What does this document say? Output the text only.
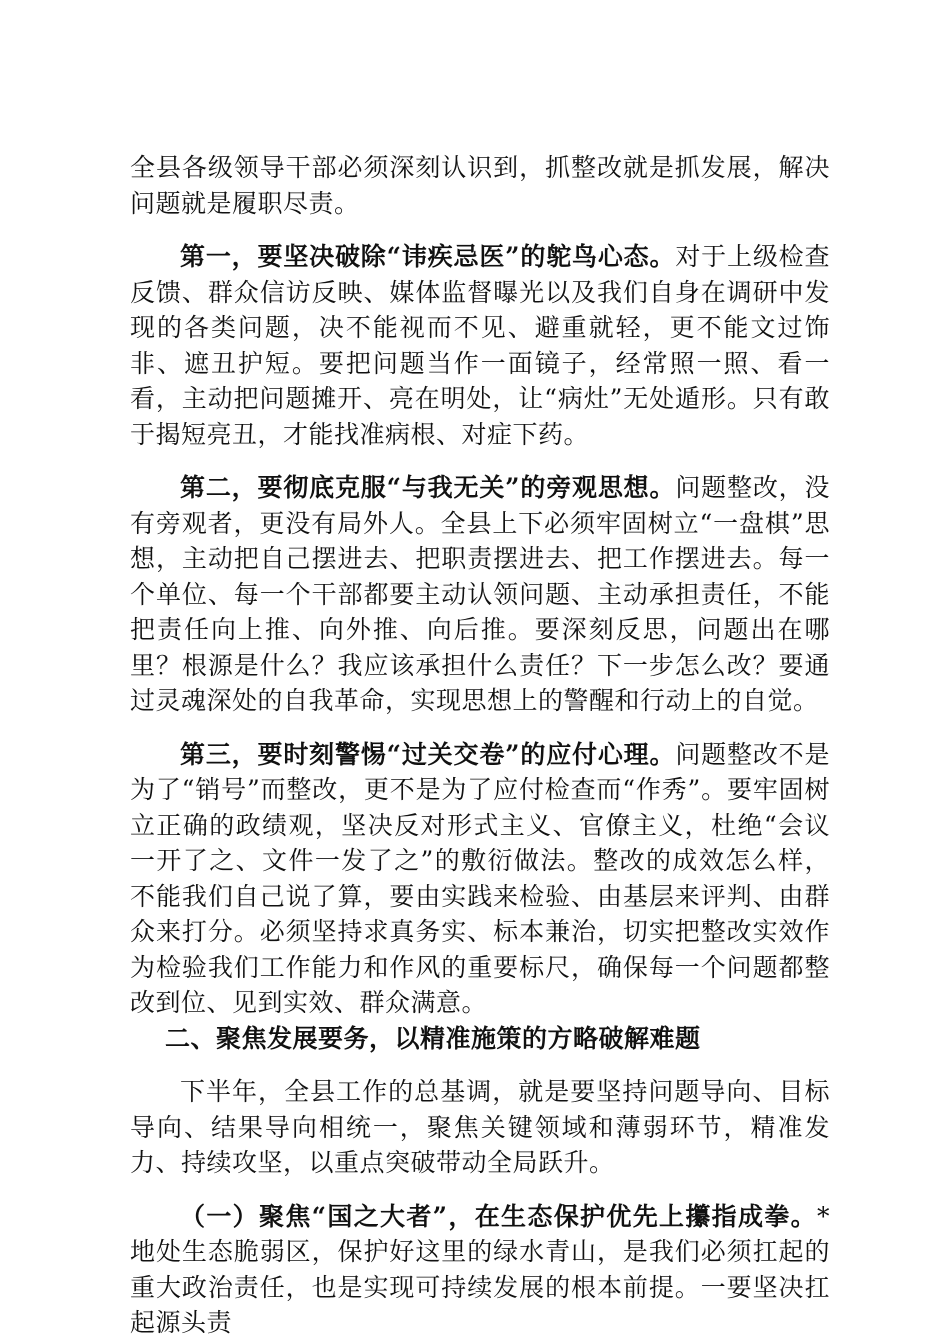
全县各级领导干部必须深刻认识到，抓整改就是抓发展，解决问题就是履职尽责。

第一，要坚决破除“讳疾忌医”的鸵鸟心态。对于上级检查反馈、群众信访反映、媒体监督曝光以及我们自身在调研中发现的各类问题，决不能视而不见、避重就轻，更不能文过饰非、遮丑护短。要把问题当作一面镜子，经常照一照、看一看，主动把问题摊开、亮在明处，让“病灶”无处遁形。只有敢于揭短亮丑，才能找准病根、对症下药。

第二，要彻底克服“与我无关”的旁观思想。问题整改，没有旁观者，更没有局外人。全县上下必须牢固树立“一盘棋”思想，主动把自己摆进去、把职责摆进去、把工作摆进去。每一个单位、每一个干部都要主动认领问题、主动承担责任，不能把责任向上推、向外推、向后推。要深刻反思，问题出在哪里？根源是什么？我应该承担什么责任？下一步怎么改？要通过灵魂深处的自我革命，实现思想上的警醒和行动上的自觉。

第三，要时刻警惕“过关交卷”的应付心理。问题整改不是为了“销号”而整改，更不是为了应付检查而“作秀”。要牢固树立正确的政绩观，坚决反对形式主义、官僚主义，杜绝“会议一开了之、文件一发了之”的敷衍做法。整改的成效怎么样，不能我们自己说了算，要由实践来检验、由基层来评判、由群众来打分。必须坚持求真务实、标本兼治，切实把整改实效作为检验我们工作能力和作风的重要标尺，确保每一个问题都整改到位、见到实效、群众满意。

二、聚焦发展要务，以精准施策的方略破解难题

下半年，全县工作的总基调，就是要坚持问题导向、目标导向、结果导向相统一，聚焦关键领域和薄弱环节，精准发力、持续攻坚，以重点突破带动全局跃升。

（一）聚焦“国之大者”，在生态保护优先上攥指成拳。*地处生态脆弱区，保护好这里的绿水青山，是我们必须扛起的重大政治责任，也是实现可持续发展的根本前提。一要坚决扛起源头责
